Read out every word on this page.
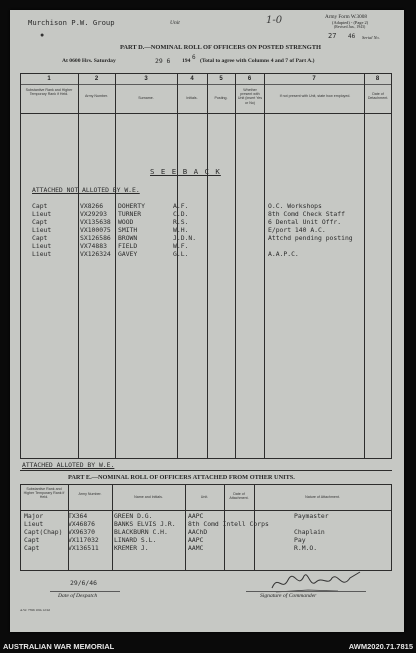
Murchison P.W. Group	Unit
●
1-0	Army Form W.3008
(Adapted) - (Page 2)
(Revised Jan., 1943)
27 46 Serial No.
PART D.—NOMINAL ROLL OF OFFICERS ON POSTED STRENGTH
At 0600 Hrs. Saturday	29 6 194 6 (Total to agree with Columns 4 and 7 of Part A.)
1	2	3	4	5	6	7	8
Substantive Rank and Higher Temporary Rank if Held.	Army Number.	Surname.	Initials.	Posting.
Whether present with Unit (insert Yes or No)
If not present with Unit, state how employed.	Date of Detachment.
S E E B A C K
ATTACHED NOT ALLOTED BY W.E.
Capt	VX8266 DOHERTY	A.F.	O.C. Workshops
Lieut	VX29293 TURNER	C.D.	8th Comd Check Staff
Capt	VX135638 WOOD	R.S.	6 Dental Unit Offr.
Lieut	VX100075 SMITH	W.H.	E/port 140 A.C.
Capt	SX126586 BROWN	J.D.N.	Attchd pending posting
Lieut	VX74883 FIELD	W.F.
Lieut	VX126324 GAVEY	G.L.	A.A.P.C.
ATTACHED ALLOTED BY W.E.
PART E.—NOMINAL ROLL OF OFFICERS ATTACHED FROM OTHER UNITS.
Substantive Rank and Higher Temporary Rank if Held.
Army Number.
Name and Initials.	Unit.
Date of Attachment.	Nature of Attachment.
Major	TX364	GREEN D.G.	AAPC	Paymaster
Lieut	VX46876	BANKS ELVIS J.R. 8th Comd Intell Corps
Capt(Chap) VX96370	BLACKBURN C.H.	AAChD	Chaplain
Capt	VX117032 LINARD S.L.	AAPC	Pay
Capt	VX136511 KREMER J.	AAMC	R.M.O.
29/6/46
Date of Despatch	Signature of Commander
A.W. 7596 10m 12/42
AUSTRALIAN WAR MEMORIAL	AWM2020.71.7815
